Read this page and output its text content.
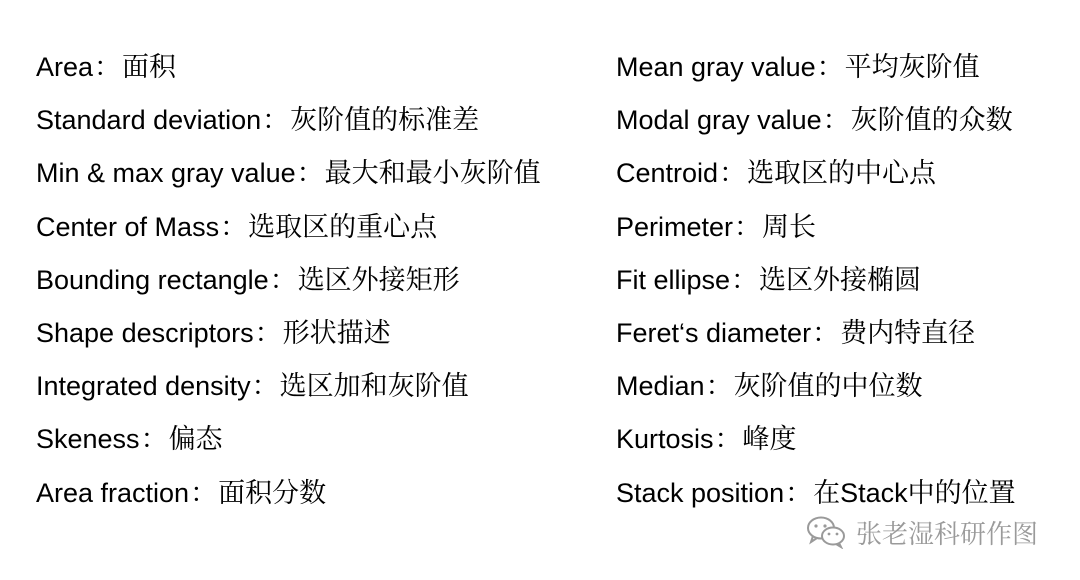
Area：面积
Standard deviation：灰阶值的标准差
Min & max gray value：最大和最小灰阶值
Center of Mass：选取区的重心点
Bounding rectangle：选区外接矩形
Shape descriptors：形状描述
Integrated density：选区加和灰阶值
Skeness：偏态
Area fraction：面积分数
Mean gray value：平均灰阶值
Modal gray value：灰阶值的众数
Centroid：选取区的中心点
Perimeter：周长
Fit ellipse：选区外接椭圆
Feret‘s diameter：费内特直径
Median：灰阶值的中位数
Kurtosis：峰度
Stack position：在Stack中的位置
张老湿科研作图
